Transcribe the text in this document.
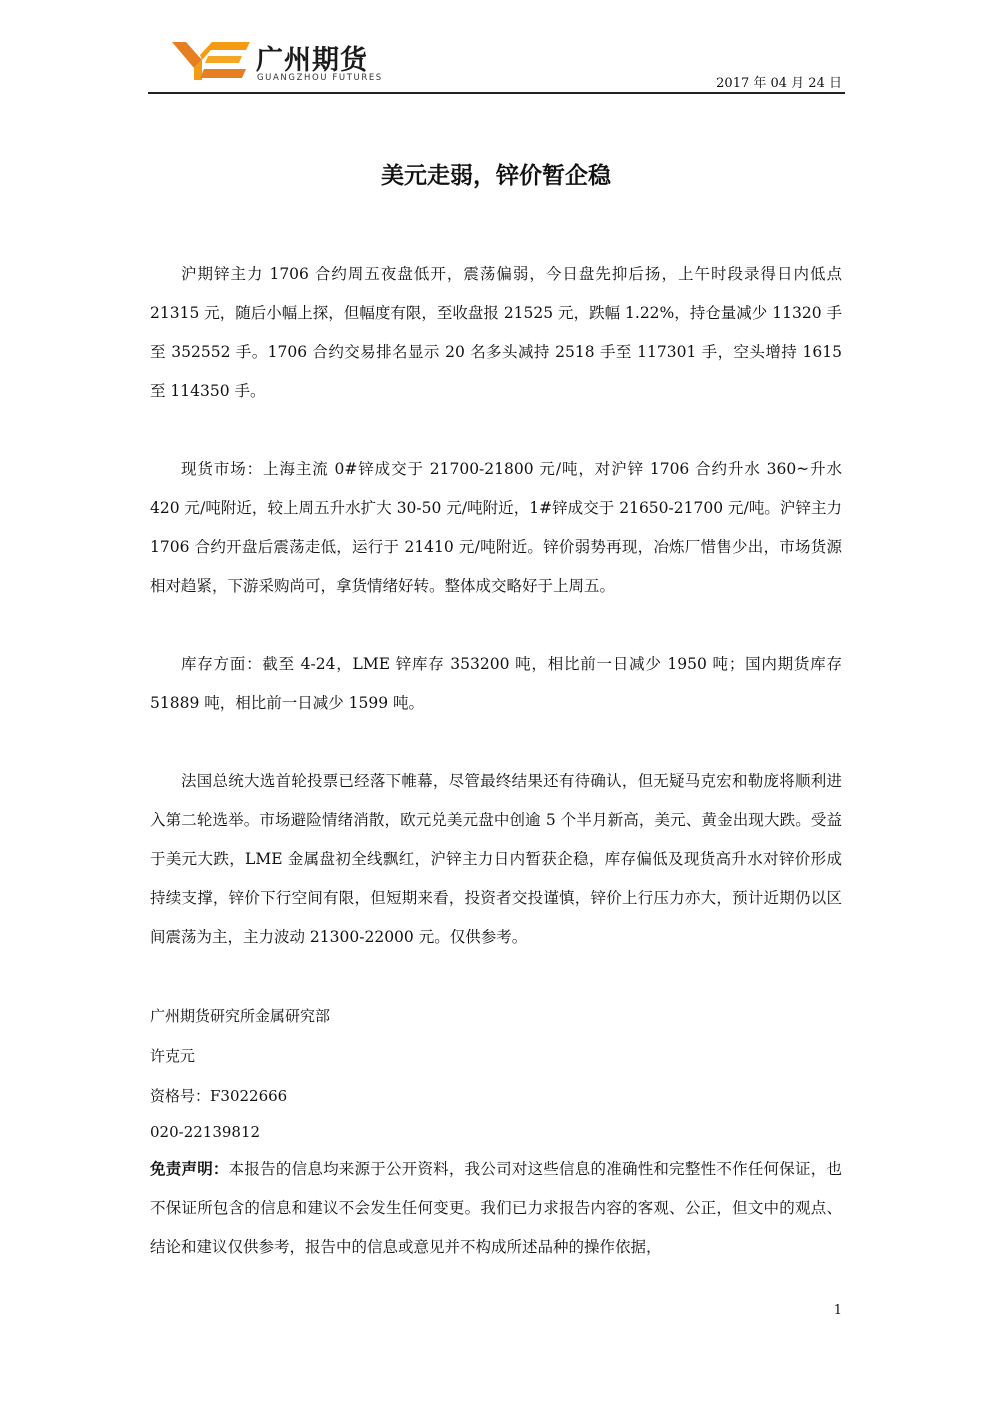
广州期货
GUANGZHOU FUTURES	2017 年 04 月 24 日
美元走弱，锌价暂企稳

沪期锌主力 1706 合约周五夜盘低开，震荡偏弱，今日盘先抑后扬，上午时段录得日内低点 21315 元，随后小幅上探，但幅度有限，至收盘报 21525 元，跌幅 1.22%，持仓量减少 11320 手至 352552 手。1706 合约交易排名显示 20 名多头减持 2518 手至 117301 手，空头增持 1615 至 114350 手。

现货市场：上海主流 0#锌成交于 21700-21800 元/吨，对沪锌 1706 合约升水 360~升水 420 元/吨附近，较上周五升水扩大 30-50 元/吨附近，1#锌成交于 21650-21700 元/吨。沪锌主力 1706 合约开盘后震荡走低，运行于 21410 元/吨附近。锌价弱势再现，冶炼厂惜售少出，市场货源相对趋紧，下游采购尚可，拿货情绪好转。整体成交略好于上周五。

库存方面：截至 4-24，LME 锌库存 353200 吨，相比前一日减少 1950 吨；国内期货库存 51889 吨，相比前一日减少 1599 吨。

法国总统大选首轮投票已经落下帷幕，尽管最终结果还有待确认，但无疑马克宏和勒庞将顺利进入第二轮选举。市场避险情绪消散，欧元兑美元盘中创逾 5 个半月新高，美元、黄金出现大跌。受益于美元大跌，LME 金属盘初全线飘红，沪锌主力日内暂获企稳，库存偏低及现货高升水对锌价形成持续支撑，锌价下行空间有限，但短期来看，投资者交投谨慎，锌价上行压力亦大，预计近期仍以区间震荡为主，主力波动 21300-22000 元。仅供参考。

广州期货研究所金属研究部

许克元

资格号：F3022666

020-22139812

免责声明：本报告的信息均来源于公开资料，我公司对这些信息的准确性和完整性不作任何保证，也不保证所包含的信息和建议不会发生任何变更。我们已力求报告内容的客观、公正，但文中的观点、结论和建议仅供参考，报告中的信息或意见并不构成所述品种的操作依据，

1
